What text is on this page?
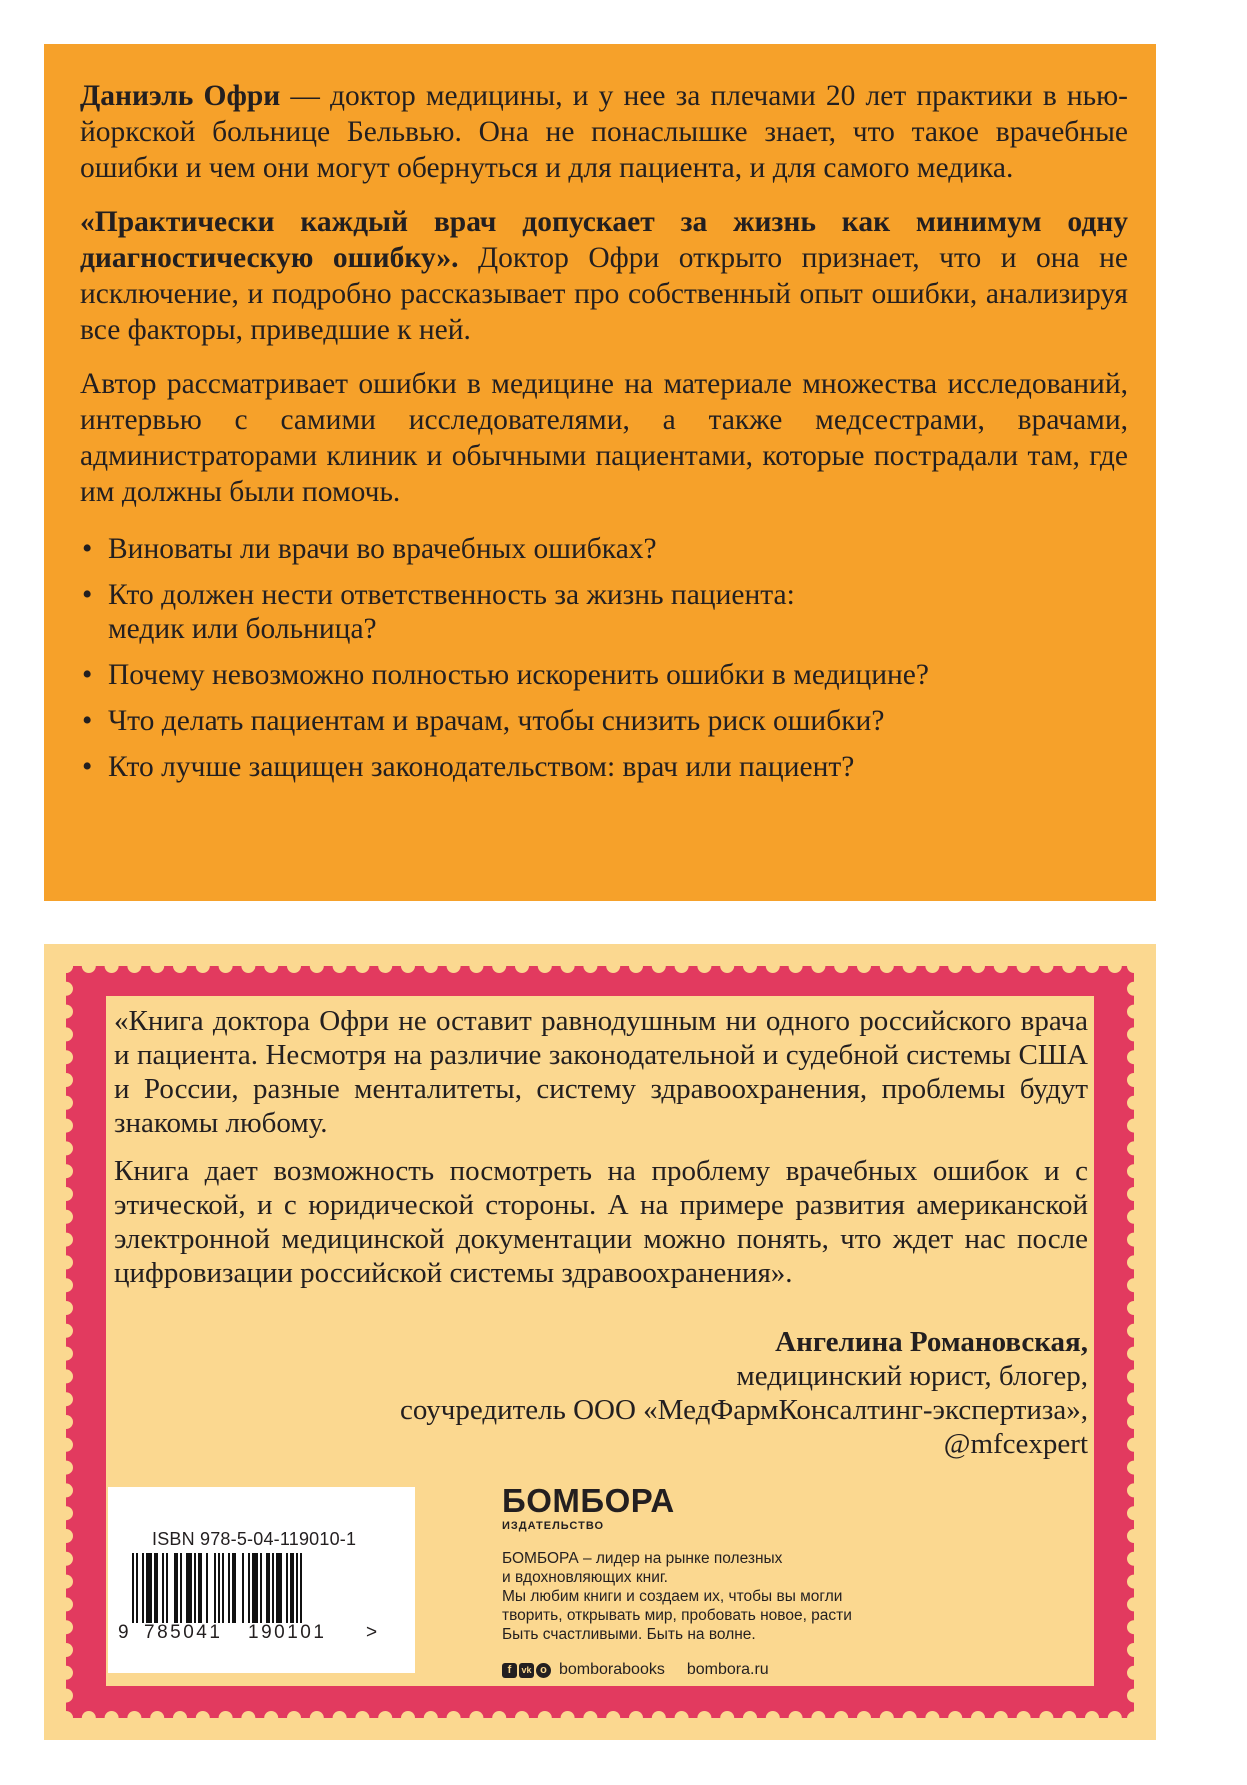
Даниэль Офри — доктор медицины, и у нее за плечами 20 лет практики в нью-йоркской больнице Бельвью. Она не понаслышке знает, что такое врачебные ошибки и чем они могут обернуться и для пациента, и для самого медика.

«Практически каждый врач допускает за жизнь как минимум одну диагностическую ошибку». Доктор Офри открыто признает, что и она не исключение, и подробно рассказывает про собственный опыт ошибки, анализируя все факторы, приведшие к ней.

Автор рассматривает ошибки в медицине на материале множества исследований, интервью с самими исследователями, а также медсестрами, врачами, администраторами клиник и обычными пациентами, которые пострадали там, где им должны были помочь.

• Виноваты ли врачи во врачебных ошибках?
• Кто должен нести ответственность за жизнь пациента: медик или больница?
• Почему невозможно полностью искоренить ошибки в медицине?
• Что делать пациентам и врачам, чтобы снизить риск ошибки?
• Кто лучше защищен законодательством: врач или пациент?

«Книга доктора Офри не оставит равнодушным ни одного российского врача и пациента. Несмотря на различие законодательной и судебной системы США и России, разные менталитеты, систему здравоохранения, проблемы будут знакомы любому.

Книга дает возможность посмотреть на проблему врачебных ошибок и с этической, и с юридической стороны. А на примере развития американской электронной медицинской документации можно понять, что ждет нас после цифровизации российской системы здравоохранения».

Ангелина Романовская,
медицинский юрист, блогер,
соучредитель ООО «МедФармКонсалтинг-экспертиза»,
@mfcexpert
ISBN 978-5-04-119010-1
9 785041 190101 >
БОМБОРА
ИЗДАТЕЛЬСТВО
БОМБОРА – лидер на рынке полезных
и вдохновляющих книг.
Мы любим книги и создаем их, чтобы вы могли
творить, открывать мир, пробовать новое, расти
Быть счастливыми. Быть на волне.
f	vk o bomborabooks bombora.ru
